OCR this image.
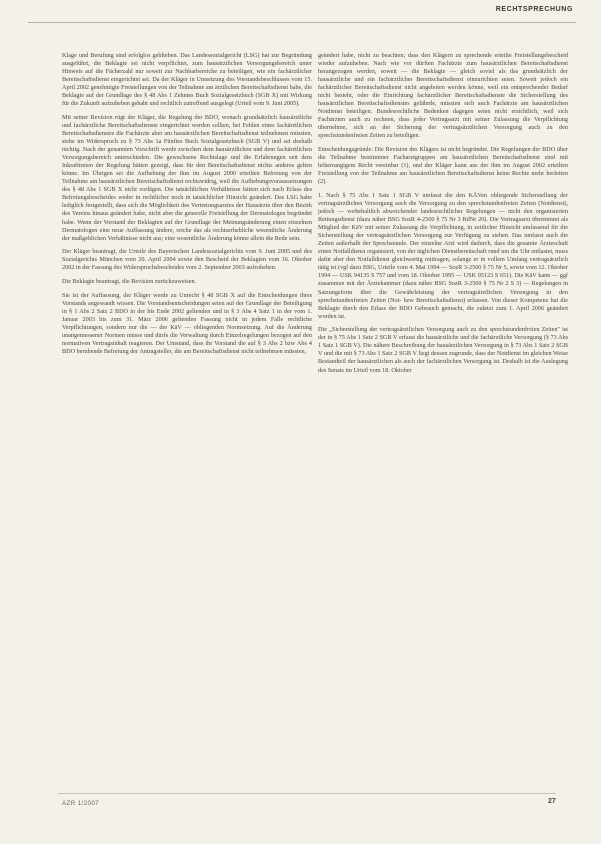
RECHTSPRECHUNG

Klage und Berufung sind erfolglos geblieben. Das Landessozialgericht (LSG) hat zur Begründung ausgeführt, die Beklagte sei nicht verpflichtet, zum hausärztlichen Versorgungsbereich unter Hinweis auf die Fächerzahl nur soweit zur Nachbarbereiche zu beteiligen, wie ein fachärztlicher Bereitschaftsdienst eingerichtet sei. Da der Kläger in Umsetzung des Vorstandsbeschlusses vom 15. April 2002 genehmigte Freistellungen von der Teilnahme am ärztlichen Bereitschaftsdienst habe, die Beklagte auf der Grundlage des § 48 Abs 1 Zehntes Buch Sozialgesetzbuch (SGB X) mit Wirkung für die Zukunft aufzuheben gehabt und rechtlich zutreffend ausgelegt (Urteil vom 9. Juni 2005).

Mit seiner Revision rügt der Kläger, die Regelung der BDO, wonach grundsätzlich hausärztliche und fachärztliche Bereitschaftsdienste eingerichtet werden sollten, bei Fehlen eines fachärztlichen Bereitschaftsdienstes die Fachärzte aber am hausärztlichen Bereitschaftsdienst teilnehmen müssten, stehe im Widerspruch zu § 73 Abs 1a Fünftes Buch Sozialgesetzbuch (SGB V) und sei deshalb nichtig. Nach der genannten Vorschrift werde zwischen dem hausärztlichen und dem fachärztlichen Versorgungsbereich unterschieden. Die gewachsene Rechtslage und die Erfahrungen seit dem Inkrafttreten der Regelung hätten gezeigt, dass für den Bereitschaftsdienst nichts anderes gelten könne. Im Übrigen sei die Aufhebung der ihm im August 2000 erteilten Befreiung von der Teilnahme am hausärztlichen Bereitschaftsdienst rechtswidrig, weil die Aufhebungsvoraussetzungen des § 48 Abs 1 SGB X nicht vorlägen. Die tatsächlichen Verhältnisse hätten sich nach Erlass des Befreiungsbescheides weder in rechtlicher noch in tatsächlicher Hinsicht geändert. Das LSG habe lediglich festgestellt, dass sich die Möglichkeit des Vertretungsarztes der Hausärzte über den Bezirk des Vereins hinaus geändert habe, nicht aber die generelle Freistellung der Dermatologen begründet habe. Wenn der Vorstand der Beklagten auf der Grundlage der Meinungsänderung einen einzelnen Dermatologen eine neue Auffassung ändere, reiche das als rechtserhebliche wesentliche Änderung der maßgeblichen Verhältnisse nicht aus; eine wesentliche Änderung könne allein die Rede sein.

Der Kläger beantragt, die Urteile des Bayerischen Landessozialgerichts vom 9. Juni 2005 und des Sozialgerichts München vom 20. April 2004 sowie den Bescheid der Beklagten vom 16. Oktober 2002 in der Fassung des Widerspruchsbescheides vom 2. September 2003 aufzuheben.

Die Beklagte beantragt, die Revision zurückzuweisen.

Sie ist der Auffassung, der Kläger werde zu Unrecht § 48 SGB X auf die Entscheidungen ihres Vorstands angewandt wissen. Die Vorstandsentscheidungen seien auf der Grundlage der Beteiligung in § 1 Abs 2 Satz 2 BDO in der bis Ende 2002 geltenden und in § 3 Abs 4 Satz 1 in der vom 1. Januar 2003 bis zum 31. März 2006 geltenden Fassung nicht in jedem Falle rechtliche Verpflichtungen, sondern nur die — der KäV — obliegenden Normsetzung. Auf die Änderung unangemessener Normen müsse und dürfe die Verwaltung durch Einzelregelungen bezogen auf den normativen Vertragsinhalt reagieren. Der Umstand, dass ihr Vorstand die auf § 3 Abs 2 bzw Abs 4 BDO beruhende Befreiung der Antragsteller, die am Bereitschaftsdienst nicht teilnehmen müssten,

geändert habe, nicht zu beachten; dass den Klägern zu sprechende erteilte Freistellungsbescheid wieder aufzuheben. Nach wie vor dürften Fachärzte zum hausärztlichen Bereitschaftsdienst herangezogen werden, soweit — die Beklagte — gleich soviel als das grundsätzlich der hausärztliche und ein fachärztlicher Bereitschaftsdienst einzurichten seien. Soweit jedoch ein fachärztlicher Bereitschaftsdienst nicht angeboten werden könne, weil ein entsprechender Bedarf nicht besteht, oder die Einrichtung fachärztlicher Bereitschaftsdienste die Sicherstellung des hausärztlichen Bereitschaftsdienstes gefährde, müssten sich auch Fachärzte am hausärztlichen Notdienst beteiligen. Bundesrechtliche Bedenken dagegen seien nicht ersichtlich, weil sich Fachärzten auch zu rechnen, dass jeder Vertragsarzt mit seiner Zulassung die Verpflichtung übernehme, sich an der Sicherung der vertragsärztlichen Versorgung auch zu den sprechstundenfreien Zeiten zu beteiligen.

Entscheidungsgründe: Die Revision des Klägers ist nicht begründet. Die Regelungen der BDO über die Teilnahme bestimmter Facharztgruppen am hausärztlichen Bereitschaftsdienst sind mit höherrangigem Recht vereinbar (1), und der Kläger kann aus der ihm im August 2002 erteilten Freistellung von der Teilnahme am hausärztlichen Bereitschaftsdienst keine Rechte mehr herleiten (2).

1. Nach § 75 Abs 1 Satz 1 SGB V umfasst die den KÄVen obliegende Sicherstellung der vertragsärztlichen Versorgung auch die Versorgung zu den sprechstundenfreien Zeiten (Notdienst), jedoch — vorbehaltlich abweichender landesrechtlicher Regelungen — nicht den organisierten Rettungsdienst (dazu näher BSG SozR 4-2500 § 75 Nr 3 RdNr 20). Die Vertragsarzt übernimmt als Mitglied der KäV mit seiner Zulassung die Verpflichtung, in zeitlicher Hinsicht umfassend für die Sicherstellung der vertragsärztlichen Versorgung zur Verfügung zu stehen. Das umfasst auch die Zeiten außerhalb der Sprechstunde. Der einzelne Arzt wird dadurch, dass die gesamte Ärzteschaft einen Notfalldienst organisiert, von der täglichen Dienstbereitschaft rund um die Uhr entlastet, muss dafür aber den Notfalldienst gleichwertig mittragen, solange er in vollem Umfang vertragsärztlich tätig ist (vgl dazu BSG, Urteile vom 4. Mai 1994 — SozR 3-2500 § 75 Nr 5, sowie vom 12. Oktober 1994 — USK 94135 S 757 und vom 18. Oktober 1995 — USK 95123 S 651). Die KäV kann — ggf zusammen mit der Ärztekammer (dazu näher BSG SozR 3-2500 § 75 Nr 2 S 3) — Regelungen in Satzungsform über die Gewährleistung der vertragsärztlichen Versorgung in den sprechstundenfreien Zeiten (Not- bzw Bereitschaftsdienst) erlassen. Von dieser Kompetenz hat die Beklagte durch den Erlass der BDO Gebrauch gemacht, die zuletzt zum 1. April 2006 geändert worden ist.

Die „Sicherstellung der vertragsärztlichen Versorgung auch zu den sprechstundenfreien Zeiten" ist der in § 75 Abs 1 Satz 2 SGB V erfasst die hausärztliche und die fachärztliche Versorgung (§ 73 Abs 1 Satz 1 SGB V). Die nähere Beschreibung der hausärztlichen Versorgung in § 73 Abs 1 Satz 2 SGB V und die mit § 73 Abs 1 Satz 2 SGB V liegt dessen zugrunde, dass der Notdienst im gleichen Weise Bestandteil der hausärztlichen als auch der fachärztlichen Versorgung ist. Deshalb ist die Auslegung des Senats im Urteil vom 18. Oktober

AZR 1/2007	27
